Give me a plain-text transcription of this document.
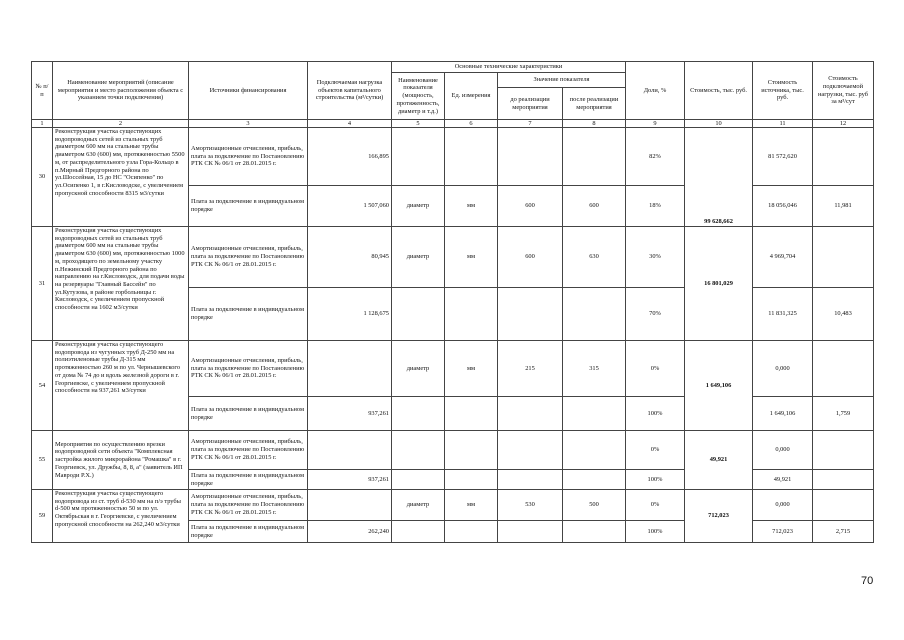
№ п/п	Наименование мероприятий (описание мероприятия и место расположения объекта с указанием точки подключения)	Источники финансирования	Подключаемая нагрузка объектов капитального строительства (м³/сутки)	Основные технические характеристики				Доли, %	Стоимость, тыс. руб.	Стоимость источника, тыс. руб.	Стоимость подключаемой нагрузки, тыс. руб за м³/сут
				Наименование показателя (мощность, протяженность, диаметр и т.д.)	Ед. измерения	Значение показателя					
						до реализации мероприятия	после реализации мероприятия				
1	2	3	4	5	6	7	8	9	10	11	12
30	Реконструкция участка существующих водопроводных сетей из стальных труб диаметром 600 мм на стальные трубы диаметром 630 (600) мм, протяженностью 5500 м, от распределительного узла Гора-Кольцо в п.Мирный Предгорного района по ул.Шоссейная, 15 до НС "Осипенко" по ул.Осипенко 1, в г.Кисловодске, с увеличением пропускной способности 8315 м3/сутки	Амортизационные отчисления, прибыль, плата за подключение по Постановлению РТК СК № 06/1 от 28.01.2015 г.	166,895					82%	99 628,662	81 572,620	
		Плата за подключение в индивидуальном порядке	1 507,060	диаметр	мм	600	600	18%		18 056,046	11,981
31	Реконструкция участка существующих водопроводных сетей из стальных труб диаметром 600 мм на стальные трубы диаметром 630 (600) мм, протяженностью 1000 м, проходящего по земельному участку п.Нежинский Предгорного района по направлению на г.Кисловодск, для подачи воды на резервуары "Главный Бассейн" по ул.Кутузова, в районе горбольницы г. Кисловодск, с увеличением пропускной способности на 1602 м3/сутки	Амортизационные отчисления, прибыль, плата за подключение по Постановлению РТК СК № 06/1 от 28.01.2015 г.	80,945	диаметр	мм	600	630	30%	16 801,029	4 969,704	
		Плата за подключение в индивидуальном порядке	1 128,675					70%		11 831,325	10,483
54	Реконструкция участка существующего водопровода из чугунных труб Д-250 мм на полиэтиленовые трубы Д-315 мм протяженностью 260 м по ул. Чернышевского от дома № 74 до и вдоль железной дороги в г. Георгиевске, с увеличением пропускной способности на 937,261 м3/сутки	Амортизационные отчисления, прибыль, плата за подключение по Постановлению РТК СК № 06/1 от 28.01.2015 г.		диаметр	мм	215	315	0%	1 649,106	0,000	
		Плата за подключение в индивидуальном порядке	937,261					100%		1 649,106	1,759
55	Мероприятия по осуществлению врезки водопроводной сети объекта "Комплексная застройка жилого микрорайона "Ромашка" в г. Георгиевск, ул. Дружбы, 8, 8, а" (заявитель ИП Мавроди Р.Х.)	Амортизационные отчисления, прибыль, плата за подключение по Постановлению РТК СК № 06/1 от 28.01.2015 г.						0%	49,921	0,000	
		Плата за подключение в индивидуальном порядке	937,261					100%		49,921	
59	Реконструкция участка существующего водопровода из ст. труб d-530 мм на п/э трубы d-500 мм протяженностью 50 м по ул. Октябрьская в г. Георгиевске, с увеличением пропускной способности на 262,240 м3/сутки	Амортизационные отчисления, прибыль, плата за подключение по Постановлению РТК СК № 06/1 от 28.01.2015 г.		диаметр	мм	530	500	0%	712,023	0,000	
		Плата за подключение в индивидуальном порядке	262,240					100%		712,023	2,715
70
